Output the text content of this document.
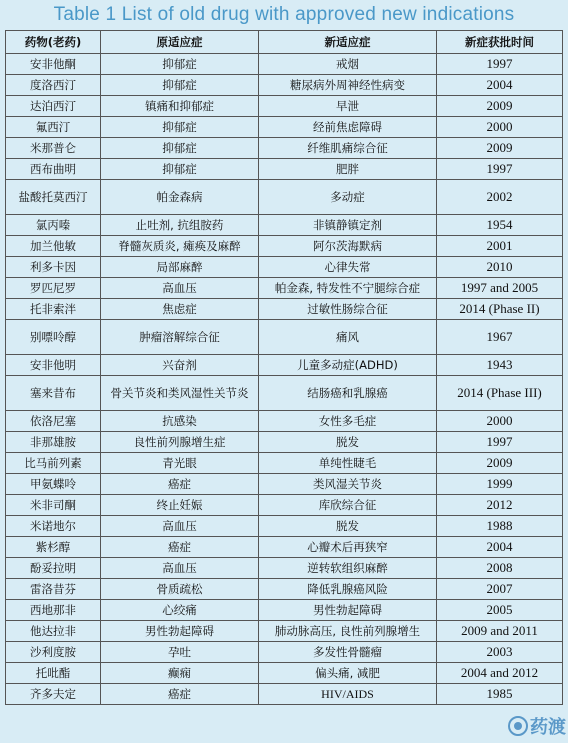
Table 1 List of old drug with approved new indications
药物(老药)	原适应症	新适应症	新症获批时间
安非他酮	抑郁症	戒烟	1997
度洛西汀	抑郁症	糖尿病外周神经性病变	2004
达泊西汀	镇痛和抑郁症	早泄	2009
氟西汀	抑郁症	经前焦虑障碍	2000
米那普仑	抑郁症	纤维肌痛综合征	2009
西布曲明	抑郁症	肥胖	1997
盐酸托莫西汀	帕金森病	多动症	2002
氯丙嗪	止吐剂, 抗组胺药	非镇静镇定剂	1954
加兰他敏	脊髓灰质炎, 瘫痪及麻醉	阿尔茨海默病	2001
利多卡因	局部麻醉	心律失常	2010
罗匹尼罗	高血压	帕金森, 特发性不宁腿综合症	1997 and 2005
托非索泮	焦虑症	过敏性肠综合征	2014 (Phase II)
别嘌呤醇	肿瘤溶解综合征	痛风	1967
安非他明	兴奋剂	儿童多动症(ADHD)	1943
塞来昔布	骨关节炎和类风湿性关节炎	结肠癌和乳腺癌	2014 (Phase III)
依洛尼塞	抗感染	女性多毛症	2000
非那雄胺	良性前列腺增生症	脱发	1997
比马前列素	青光眼	单纯性睫毛	2009
甲氨蝶呤	癌症	类风湿关节炎	1999
米非司酮	终止妊娠	库欣综合征	2012
米诺地尔	高血压	脱发	1988
紫杉醇	癌症	心瓣术后再狭窄	2004
酚妥拉明	高血压	逆转软组织麻醉	2008
雷洛昔芬	骨质疏松	降低乳腺癌风险	2007
西地那非	心绞痛	男性勃起障碍	2005
他达拉非	男性勃起障碍	肺动脉高压, 良性前列腺增生	2009 and 2011
沙利度胺	孕吐	多发性骨髓瘤	2003
托吡酯	癫痫	偏头痛, 减肥	2004 and 2012
齐多夫定	癌症	HIV/AIDS	1985
药渡
